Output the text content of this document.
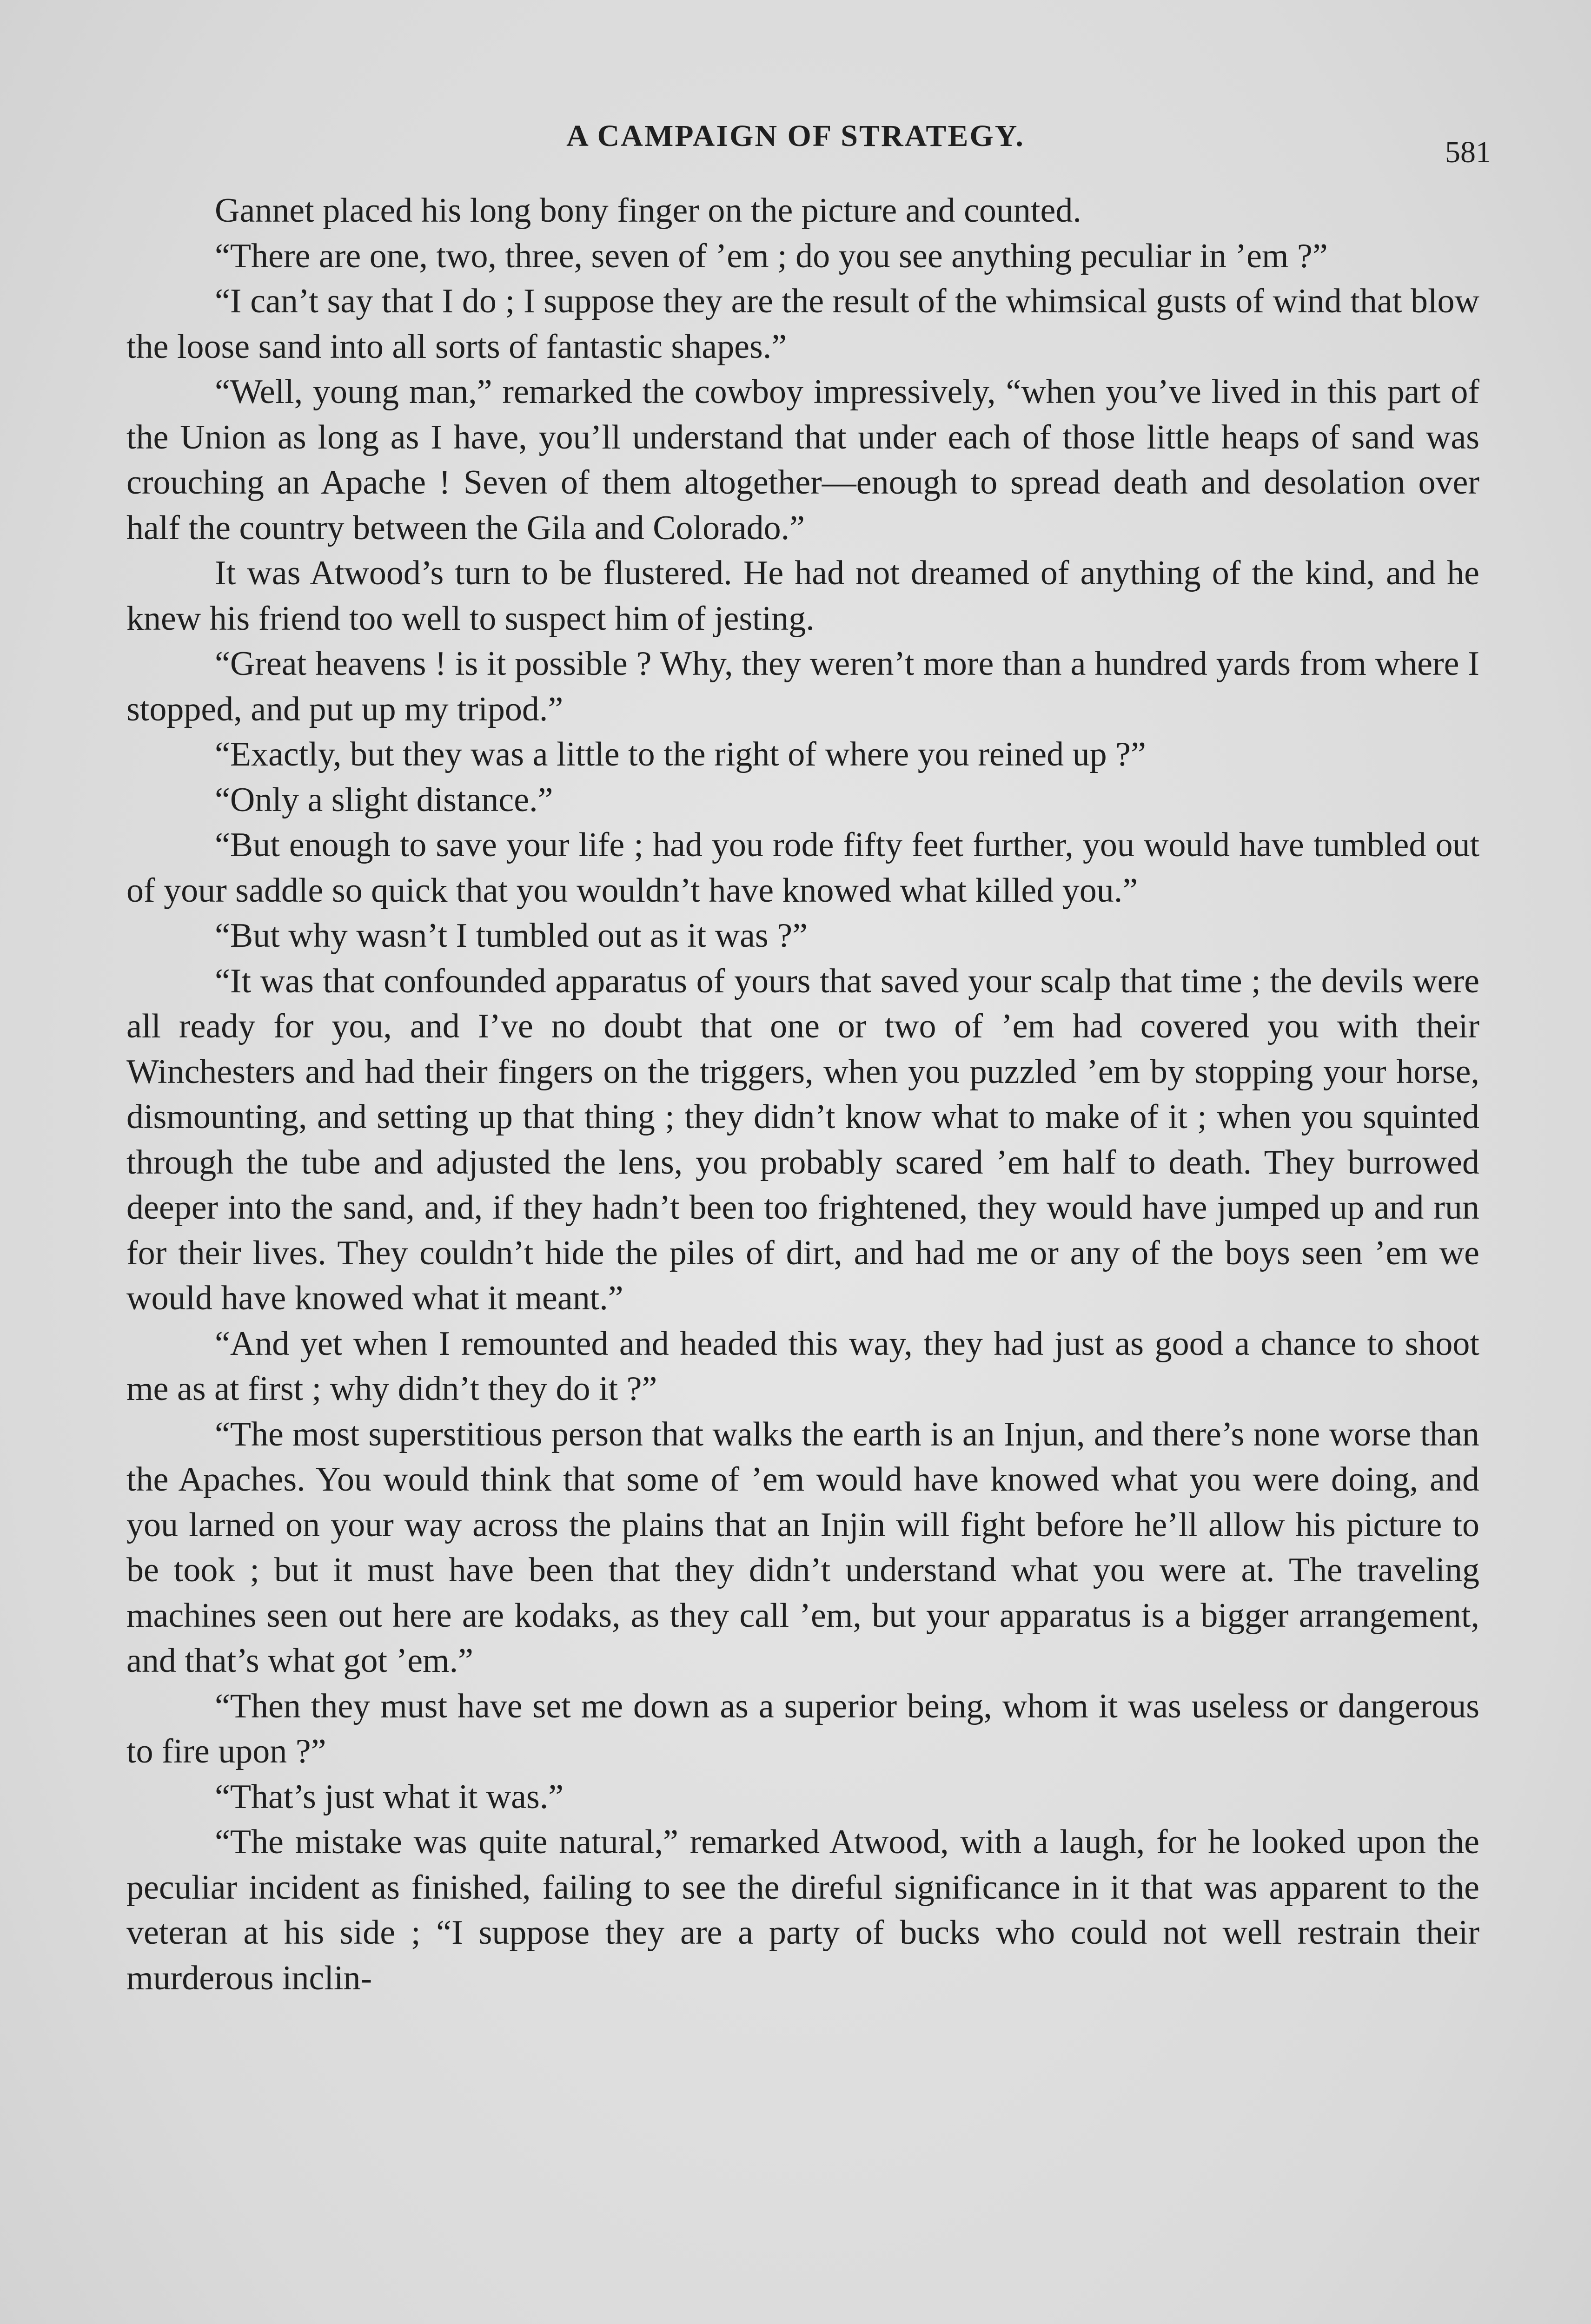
A CAMPAIGN OF STRATEGY.	581

Gannet placed his long bony finger on the picture and counted.

“There are one, two, three, seven of ’em ; do you see anything peculiar in ’em ?”

“I can’t say that I do ; I suppose they are the result of the whimsical gusts of wind that blow the loose sand into all sorts of fantastic shapes.”

“Well, young man,” remarked the cowboy impressively, “when you’ve lived in this part of the Union as long as I have, you’ll understand that under each of those little heaps of sand was crouching an Apache ! Seven of them altogether—enough to spread death and desolation over half the country between the Gila and Colorado.”

It was Atwood’s turn to be flustered. He had not dreamed of anything of the kind, and he knew his friend too well to suspect him of jesting.

“Great heavens ! is it possible ? Why, they weren’t more than a hundred yards from where I stopped, and put up my tripod.”

“Exactly, but they was a little to the right of where you reined up ?”

“Only a slight distance.”

“But enough to save your life ; had you rode fifty feet further, you would have tumbled out of your saddle so quick that you wouldn’t have knowed what killed you.”

“But why wasn’t I tumbled out as it was ?”

“It was that confounded apparatus of yours that saved your scalp that time ; the devils were all ready for you, and I’ve no doubt that one or two of ’em had covered you with their Winchesters and had their fingers on the triggers, when you puzzled ’em by stopping your horse, dismounting, and setting up that thing ; they didn’t know what to make of it ; when you squinted through the tube and adjusted the lens, you probably scared ’em half to death. They burrowed deeper into the sand, and, if they hadn’t been too frightened, they would have jumped up and run for their lives. They couldn’t hide the piles of dirt, and had me or any of the boys seen ’em we would have knowed what it meant.”

“And yet when I remounted and headed this way, they had just as good a chance to shoot me as at first ; why didn’t they do it ?”

“The most superstitious person that walks the earth is an Injun, and there’s none worse than the Apaches. You would think that some of ’em would have knowed what you were doing, and you larned on your way across the plains that an Injin will fight before he’ll allow his picture to be took ; but it must have been that they didn’t understand what you were at. The traveling machines seen out here are kodaks, as they call ’em, but your apparatus is a bigger arrangement, and that’s what got ’em.”

“Then they must have set me down as a superior being, whom it was useless or dangerous to fire upon ?”

“That’s just what it was.”

“The mistake was quite natural,” remarked Atwood, with a laugh, for he looked upon the peculiar incident as finished, failing to see the direful significance in it that was apparent to the veteran at his side ; “I suppose they are a party of bucks who could not well restrain their murderous inclin-
